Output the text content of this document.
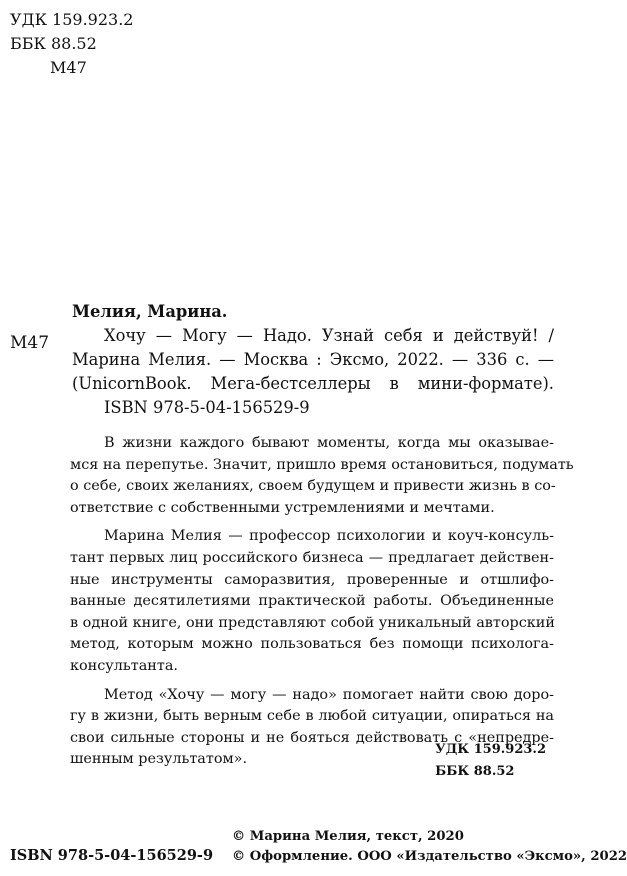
УДК 159.923.2
ББК 88.52
М47
М47
Мелия, Марина.
Хочу — Могу — Надо. Узнай себя и действуй! /
Марина Мелия. — Москва : Эксмо, 2022. — 336 с. —
(UnicornBook. Мега-бестселлеры в мини-формате).
ISBN 978-5-04-156529-9
В жизни каждого бывают моменты, когда мы оказывае-
мся на перепутье. Значит, пришло время остановиться, подумать
о себе, своих желаниях, своем будущем и привести жизнь в со-
ответствие с собственными устремлениями и мечтами.
Марина Мелия — профессор психологии и коуч-консуль-
тант первых лиц российского бизнеса — предлагает действен-
ные инструменты саморазвития, проверенные и отшлифо-
ванные десятилетиями практической работы. Объединенные
в одной книге, они представляют собой уникальный авторский
метод, которым можно пользоваться без помощи психолога-
консультанта.
Метод «Хочу — могу — надо» помогает найти свою доро-
гу в жизни, быть верным себе в любой ситуации, опираться на
свои сильные стороны и не бояться действовать с «непредре-
шенным результатом».
УДК 159.923.2
ББК 88.52
ISBN 978-5-04-156529-9
© Марина Мелия, текст, 2020
© Оформление. ООО «Издательство «Эксмо», 2022
